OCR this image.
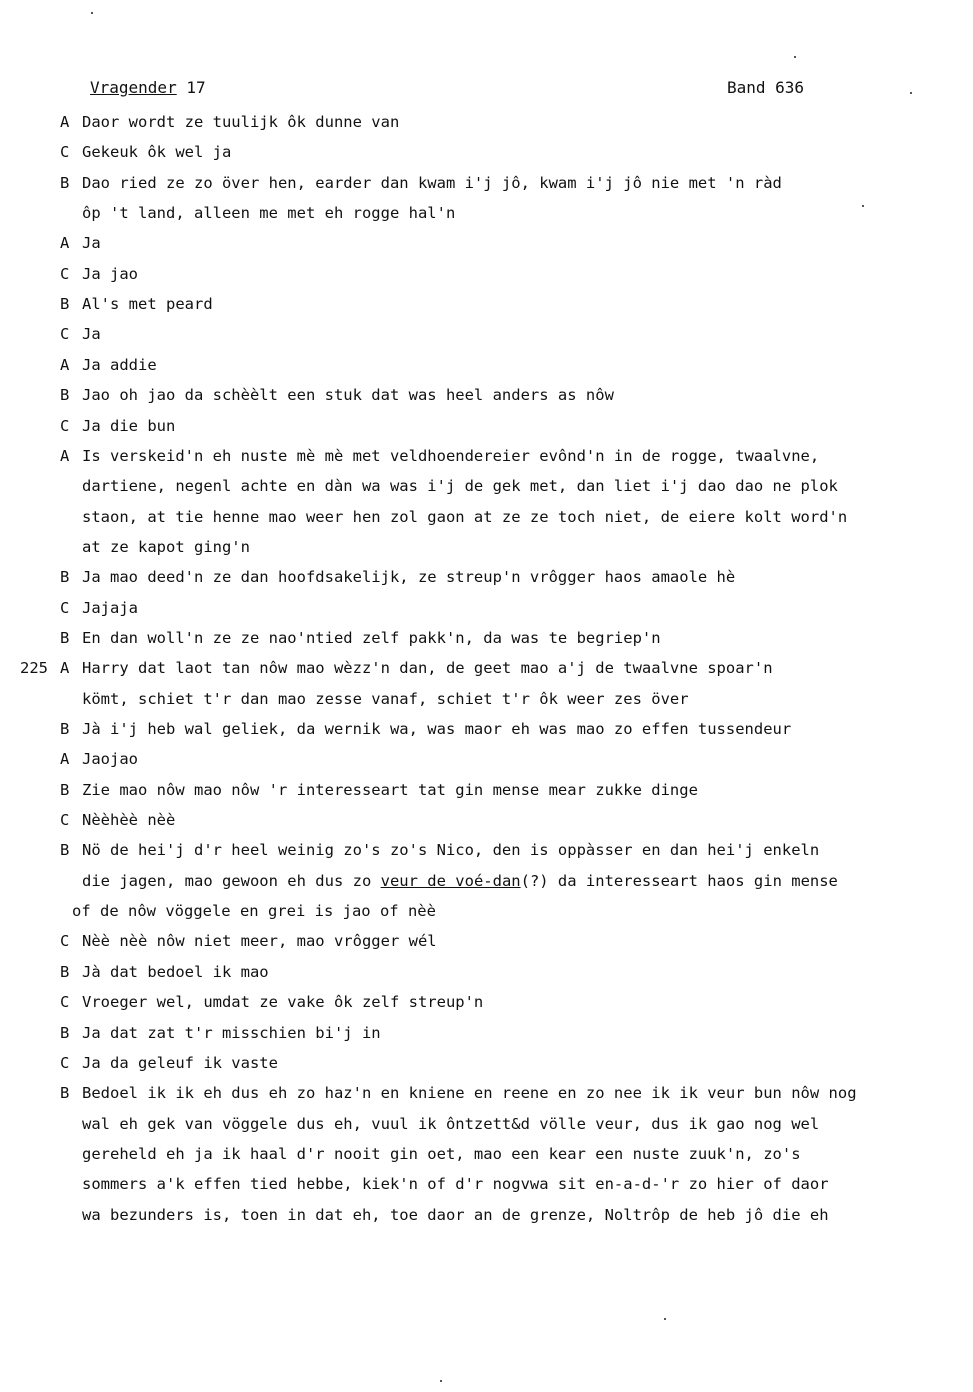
Vragender 17	Band 636
A Daor wordt ze tuulijk ôk dunne van
C Gekeuk ôk wel ja
B Dao ried ze zo över hen, earder dan kwam i'j jô, kwam i'j jô nie met 'n ràd
ôp 't land, alleen me met eh rogge hal'n
A Ja
C Ja jao
B Al's met peard
C Ja
A Ja addie
B Jao oh jao da schèèlt een stuk dat was heel anders as nôw
C Ja die bun
A Is verskeid'n eh nuste mè mè met veldhoendereier evônd'n in de rogge, twaalvne,
dartiene, negenl achte en dàn wa was i'j de gek met, dan liet i'j dao dao ne plok
staon, at tie henne mao weer hen zol gaon at ze ze toch niet, de eiere kolt word'n
at ze kapot ging'n
B Ja mao deed'n ze dan hoofdsakelijk, ze streup'n vrôgger haos amaole hè
C Jajaja
B En dan woll'n ze ze nao'ntied zelf pakk'n, da was te begriep'n
225 A Harry dat laot tan nôw mao wèzz'n dan, de geet mao a'j de twaalvne spoar'n
kömt, schiet t'r dan mao zesse vanaf, schiet t'r ôk weer zes över
B Jà i'j heb wal geliek, da wernik wa, was maor eh was mao zo effen tussendeur
A Jaojao
B Zie mao nôw mao nôw 'r interesseart tat gin mense mear zukke dinge
C Nèèhèè nèè
B Nö de hei'j d'r heel weinig zo's zo's Nico, den is oppàsser en dan hei'j enkeln
die jagen, mao gewoon eh dus zo veur de voé-dan(?) da interesseart haos gin mense
of de nôw vöggele en grei is jao of nèè
C Nèè nèè nôw niet meer, mao vrôgger wél
B Jà dat bedoel ik mao
C Vroeger wel, umdat ze vake ôk zelf streup'n
B Ja dat zat t'r misschien bi'j in
C Ja da geleuf ik vaste
B Bedoel ik ik eh dus eh zo haz'n en kniene en reene en zo nee ik ik veur bun nôw nog
wal eh gek van vöggele dus eh, vuul ik ôntzett&d völle veur, dus ik gao nog wel
gereheld eh ja ik haal d'r nooit gin oet, mao een kear een nuste zuuk'n, zo's
sommers a'k effen tied hebbe, kiek'n of d'r nogvwa sit en-a-d-'r zo hier of daor
wa bezunders is, toen in dat eh, toe daor an de grenze, Noltrôp de heb jô die eh
